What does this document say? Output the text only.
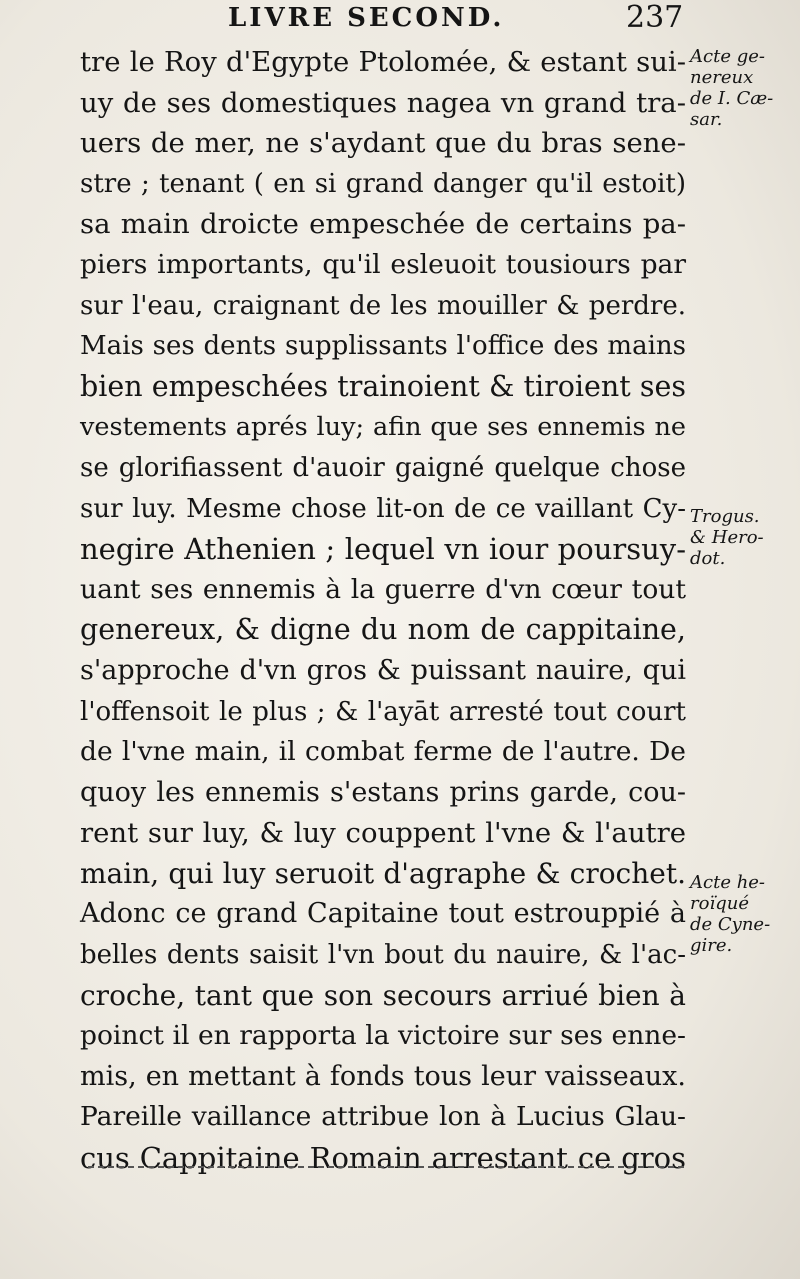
LIVRE SECOND.	237
tre le Roy d'Egypte Ptolomée, & estant sui-
uy de ses domestiques nagea vn grand tra-
uers de mer, ne s'aydant que du bras sene-
stre ; tenant ( en si grand danger qu'il estoit)
sa main droicte empeschée de certains pa-
piers importants, qu'il esleuoit tousiours par
sur l'eau, craignant de les mouiller & perdre.
Mais ses dents supplissants l'office des mains
bien empeschées trainoient & tiroient ses
vestements aprés luy; afin que ses ennemis ne
se glorifiassent d'auoir gaigné quelque chose
sur luy. Mesme chose lit-on de ce vaillant Cy-
negire Athenien ; lequel vn iour poursuy-
uant ses ennemis à la guerre d'vn cœur tout
genereux, & digne du nom de cappitaine,
s'approche d'vn gros & puissant nauire, qui
l'offensoit le plus ; & l'ayāt arresté tout court
de l'vne main, il combat ferme de l'autre. De
quoy les ennemis s'estans prins garde, cou-
rent sur luy, & luy couppent l'vne & l'autre
main, qui luy seruoit d'agraphe & crochet.
Adonc ce grand Capitaine tout estrouppié à
belles dents saisit l'vn bout du nauire, & l'ac-
croche, tant que son secours arriué bien à
poinct il en rapporta la victoire sur ses enne-
mis, en mettant à fonds tous leur vaisseaux.
Pareille vaillance attribue lon à Lucius Glau-
cus Cappitaine Romain arrestant ce gros
Acte ge-
nereux
de I. Cæ-
sar.
Trogus.
& Hero-
dot.
Acte he-
roïqué
de Cyne-
gire.
